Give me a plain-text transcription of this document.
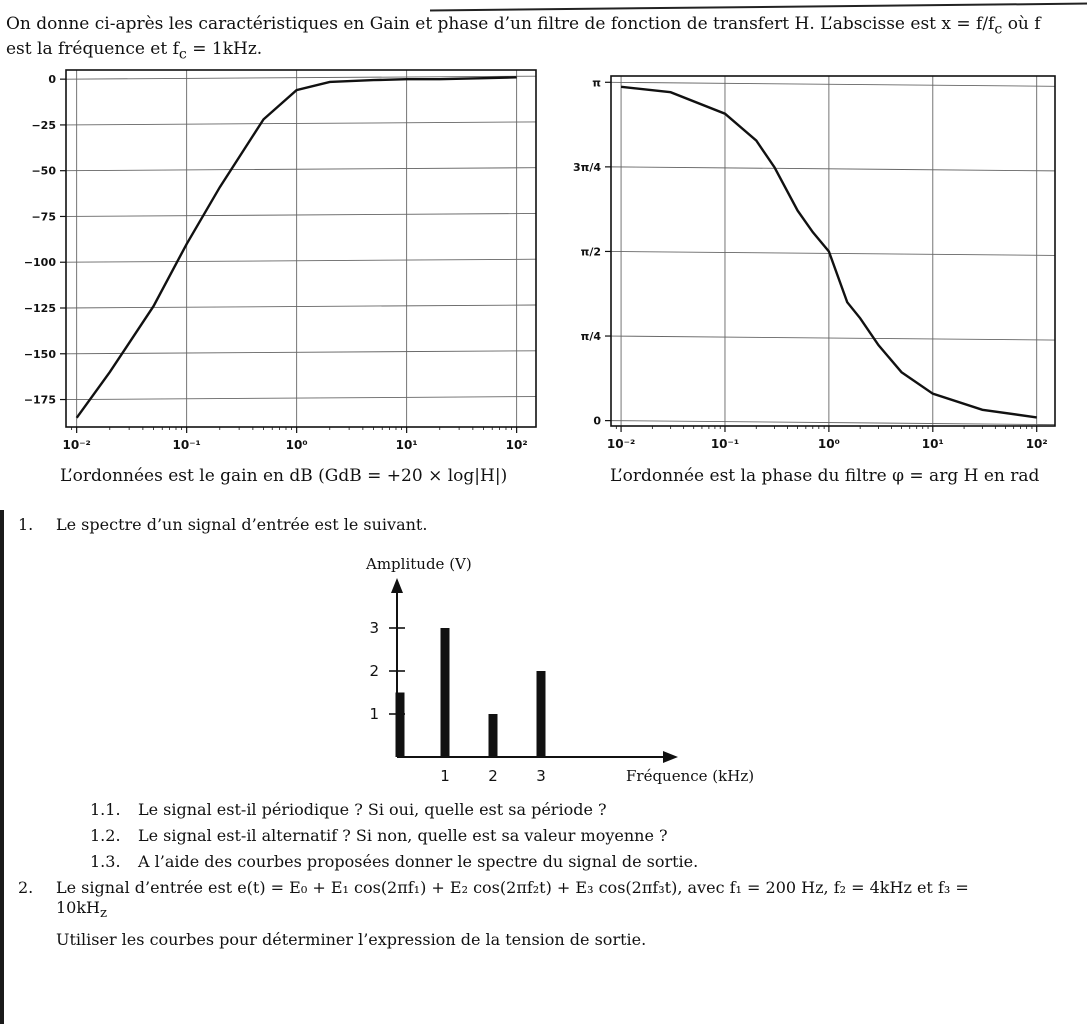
On donne ci-après les caractéristiques en Gain et phase d’un filtre de fonction de transfert H. L’abscisse est $x = f/f_c$ où f
est la fréquence et $f_c = 1kHz$.
0
−25
−50
−75
−100
−125
−150
−175
10⁻²	10⁻¹	10⁰	10¹	10²
π
3π/4
π/2
π/4
0
10⁻²	10⁻¹	10⁰	10¹	10²
L’ordonnées est le gain en dB (GdB = +20 × log|H|)	L’ordonnée est la phase du filtre φ = arg H en rad
1. Le spectre d’un signal d’entrée est le suivant.
Amplitude (V)
1
2
3
1	2	3	Fréquence (kHz)
1.1. Le signal est-il périodique ? Si oui, quelle est sa période ?
1.2. Le signal est-il alternatif ? Si non, quelle est sa valeur moyenne ?
1.3. A l’aide des courbes proposées donner le spectre du signal de sortie.
2. Le signal d’entrée est e(t) = E₀ + E₁ cos(2πf₁) + E₂ cos(2πf₂t) + E₃ cos(2πf₃t), avec f₁ = 200 Hz, f₂ = 4kHz et f₃ =
$10kH_z$
Utiliser les courbes pour déterminer l’expression de la tension de sortie.
